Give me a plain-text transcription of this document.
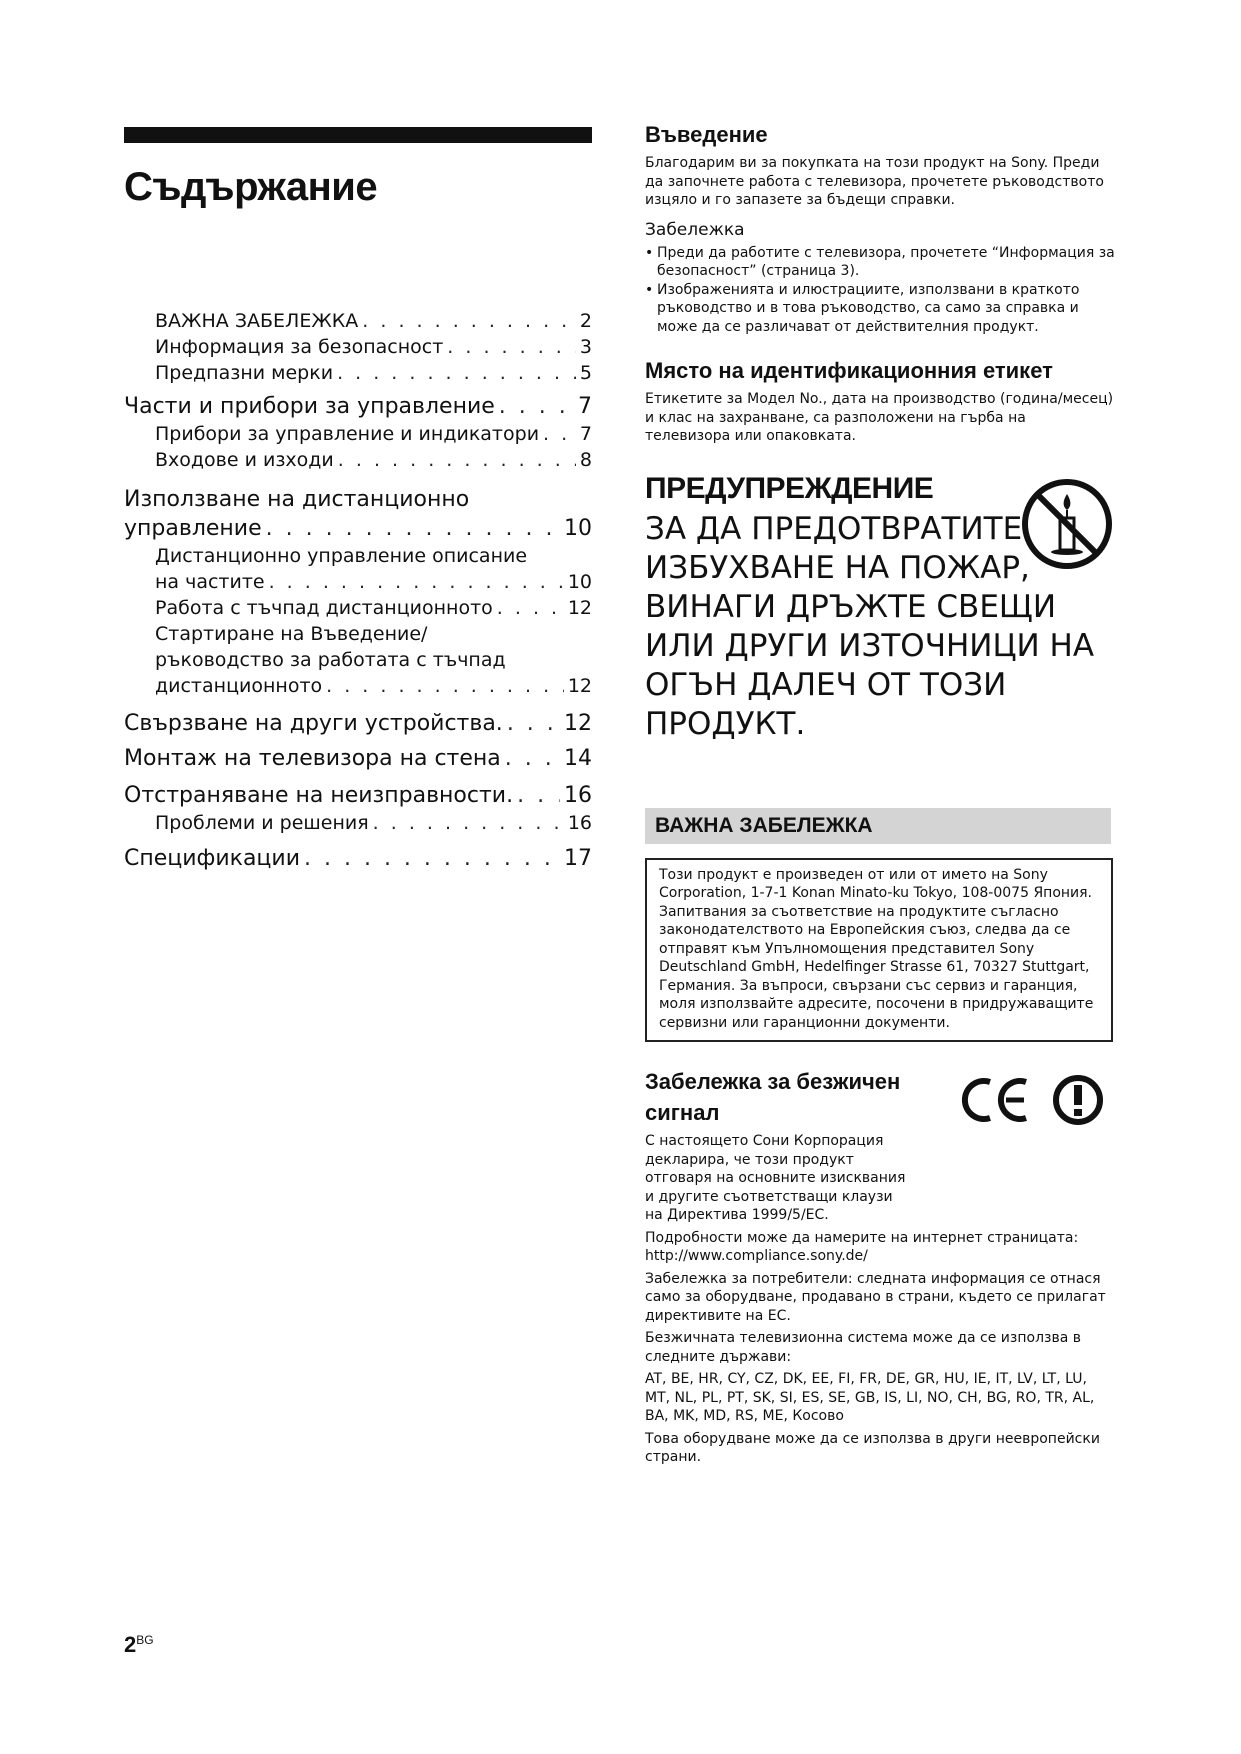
Съдържание
ВАЖНА ЗАБЕЛЕЖКА . . .	2
Информация за безопасност . . .	3
Предпазни мерки . . .	5
Части и прибори за управление . . .	7
Прибори за управление и индикатори . . . 7
Входове и изходи . . .	8
Използване на дистанционно
управление . . .	10
Дистанционно управление описание
на частите . . .	10
Работа с тъчпад дистанционното . . .	12
Стартиране на Въведение/
ръководство за работата с тъчпад
дистанционното . . .	12
Свързване на други устройства. . . .	12
Монтаж на телевизора на стена . . .	14
Отстраняване на неизправности. . . . 16
Проблеми и решения . . .	16
Спецификации . . .	17
Въведение

Благодарим ви за покупката на този продукт на Sony. Преди да започнете работа с телевизора, прочетете ръководството изцяло и го запазете за бъдещи справки.

Забележка
• Преди да работите с телевизора, прочетете “Информация за безопасност” (страница 3).
• Изображенията и илюстрациите, използвани в краткото ръководство и в това ръководство, са само за справка и може да се различават от действителния продукт.
Място на идентификационния етикет

Етикетите за Модел No., дата на производство (година/месец) и клас на захранване, са разположени на гърба на телевизора или опаковката.

ПРЕДУПРЕЖДЕНИЕ
ЗА ДА ПРЕДОТВРАТИТЕ ИЗБУХВАНЕ НА ПОЖАР, ВИНАГИ ДРЪЖТЕ СВЕЩИ ИЛИ ДРУГИ ИЗТОЧНИЦИ НА ОГЪН ДАЛЕЧ ОТ ТОЗИ ПРОДУКТ.
ВАЖНА ЗАБЕЛЕЖКА
Този продукт е произведен от или от името на Sony Corporation, 1-7-1 Konan Minato-ku Tokyo, 108-0075 Япония. Запитвания за съответствие на продуктите съгласно законодателството на Европейския съюз, следва да се отправят към Упълномощения представител Sony Deutschland GmbH, Hedelfinger Strasse 61, 70327 Stuttgart, Германия. За въпроси, свързани със сервиз и гаранция, моля използвайте адресите, посочени в придружаващите сервизни или гаранционни документи.
Забележка за безжичен сигнал

С настоящето Сони Корпорация декларира, че този продукт отговаря на основните изисквания и другите съответстващи клаузи на Директива 1999/5/EC.

Подробности може да намерите на интернет страницата: http://www.compliance.sony.de/

Забележка за потребители: следната информация се отнася само за оборудване, продавано в страни, където се прилагат директивите на ЕС.

Безжичната телевизионна система може да се използва в следните държави:

AT, BE, HR, CY, CZ, DK, EE, FI, FR, DE, GR, HU, IE, IT, LV, LT, LU, MT, NL, PL, PT, SK, SI, ES, SE, GB, IS, LI, NO, CH, BG, RO, TR, AL, BA, MK, MD, RS, ME, Косово

Това оборудване може да се използва в други неевропейски страни.

$2^{BG}$
